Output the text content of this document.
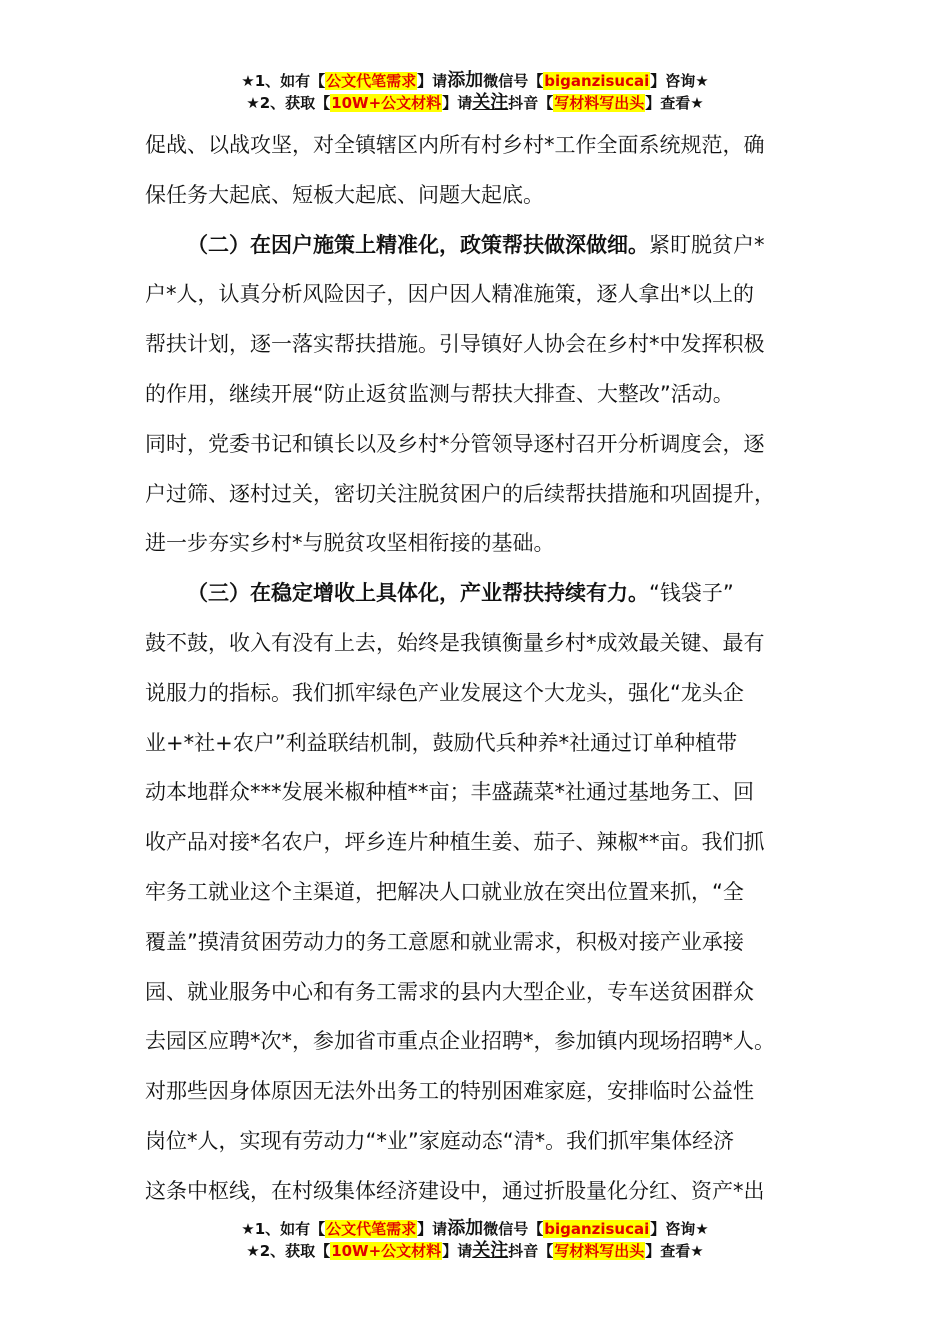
★1、如有【公文代笔需求】请添加微信号【biganzisucai】咨询★
★2、获取【10W+公文材料】请关注抖音【写材料写出头】查看★
促战、以战攻坚，对全镇辖区内所有村乡村*工作全面系统规范，确
保任务大起底、短板大起底、问题大起底。
（二）在因户施策上精准化，政策帮扶做深做细。紧盯脱贫户*
户*人，认真分析风险因子，因户因人精准施策，逐人拿出*以上的
帮扶计划，逐一落实帮扶措施。引导镇好人协会在乡村*中发挥积极
的作用，继续开展“防止返贫监测与帮扶大排查、大整改”活动。
同时，党委书记和镇长以及乡村*分管领导逐村召开分析调度会，逐
户过筛、逐村过关，密切关注脱贫困户的后续帮扶措施和巩固提升，
进一步夯实乡村*与脱贫攻坚相衔接的基础。
（三）在稳定增收上具体化，产业帮扶持续有力。“钱袋子”
鼓不鼓，收入有没有上去，始终是我镇衡量乡村*成效最关键、最有
说服力的指标。我们抓牢绿色产业发展这个大龙头，强化“龙头企
业+*社+农户”利益联结机制，鼓励代兵种养*社通过订单种植带
动本地群众***发展米椒种植**亩；丰盛蔬菜*社通过基地务工、回
收产品对接*名农户，坪乡连片种植生姜、茄子、辣椒**亩。我们抓
牢务工就业这个主渠道，把解决人口就业放在突出位置来抓，“全
覆盖”摸清贫困劳动力的务工意愿和就业需求，积极对接产业承接
园、就业服务中心和有务工需求的县内大型企业，专车送贫困群众
去园区应聘*次*，参加省市重点企业招聘*，参加镇内现场招聘*人。
对那些因身体原因无法外出务工的特别困难家庭，安排临时公益性
岗位*人，实现有劳动力“*业”家庭动态“清*。我们抓牢集体经济
这条中枢线，在村级集体经济建设中，通过折股量化分红、资产*出
★1、如有【公文代笔需求】请添加微信号【biganzisucai】咨询★
★2、获取【10W+公文材料】请关注抖音【写材料写出头】查看★
